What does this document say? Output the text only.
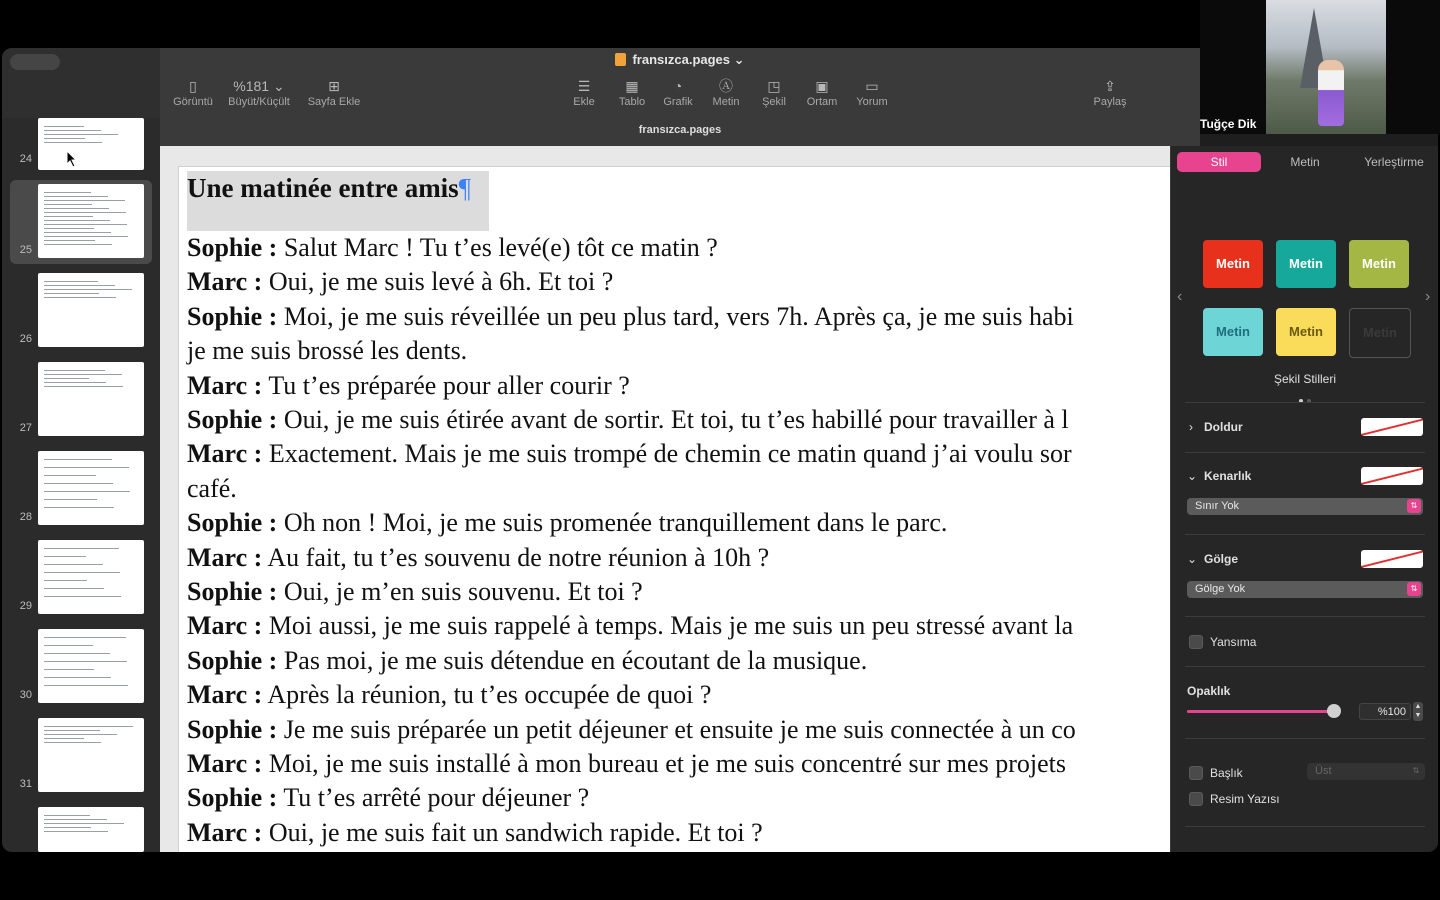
24
25
26
27
28
29
30
31
fransızca.pages ⌄
▯
Görüntü
%181 ⌄
Büyüt/Küçült
⊞
Sayfa Ekle
☰
Ekle
▦
Tablo
◔
Grafik
Ⓐ
Metin
◳
Şekil
▣
Ortam
▭
Yorum
⇪
Paylaş
fransızca.pages
Une matinée entre amis¶
Sophie : Salut Marc ! Tu t’es levé(e) tôt ce matin ?
Marc : Oui, je me suis levé à 6h. Et toi ?
Sophie : Moi, je me suis réveillée un peu plus tard, vers 7h. Après ça, je me suis habi
je me suis brossé les dents.
Marc : Tu t’es préparée pour aller courir ?
Sophie : Oui, je me suis étirée avant de sortir. Et toi, tu t’es habillé pour travailler à l
Marc : Exactement. Mais je me suis trompé de chemin ce matin quand j’ai voulu sor
café.
Sophie : Oh non ! Moi, je me suis promenée tranquillement dans le parc.
Marc : Au fait, tu t’es souvenu de notre réunion à 10h ?
Sophie : Oui, je m’en suis souvenu. Et toi ?
Marc : Moi aussi, je me suis rappelé à temps. Mais je me suis un peu stressé avant la
Sophie : Pas moi, je me suis détendue en écoutant de la musique.
Marc : Après la réunion, tu t’es occupée de quoi ?
Sophie : Je me suis préparée un petit déjeuner et ensuite je me suis connectée à un co
Marc : Moi, je me suis installé à mon bureau et je me suis concentré sur mes projets
Sophie : Tu t’es arrêté pour déjeuner ?
Marc : Oui, je me suis fait un sandwich rapide. Et toi ?
Stil	Metin	Yerleştirme
‹	›
Metin	Metin	Metin
Metin	Metin	Metin
Şekil Stilleri
› Doldur
⌄ Kenarlık
Sınır Yok	⇅
⌄ Gölge
Gölge Yok	⇅
Yansıma
Opaklık
%100	▲
▼
Başlık	Üst	⇅
Resim Yazısı
Tuğçe Dik
